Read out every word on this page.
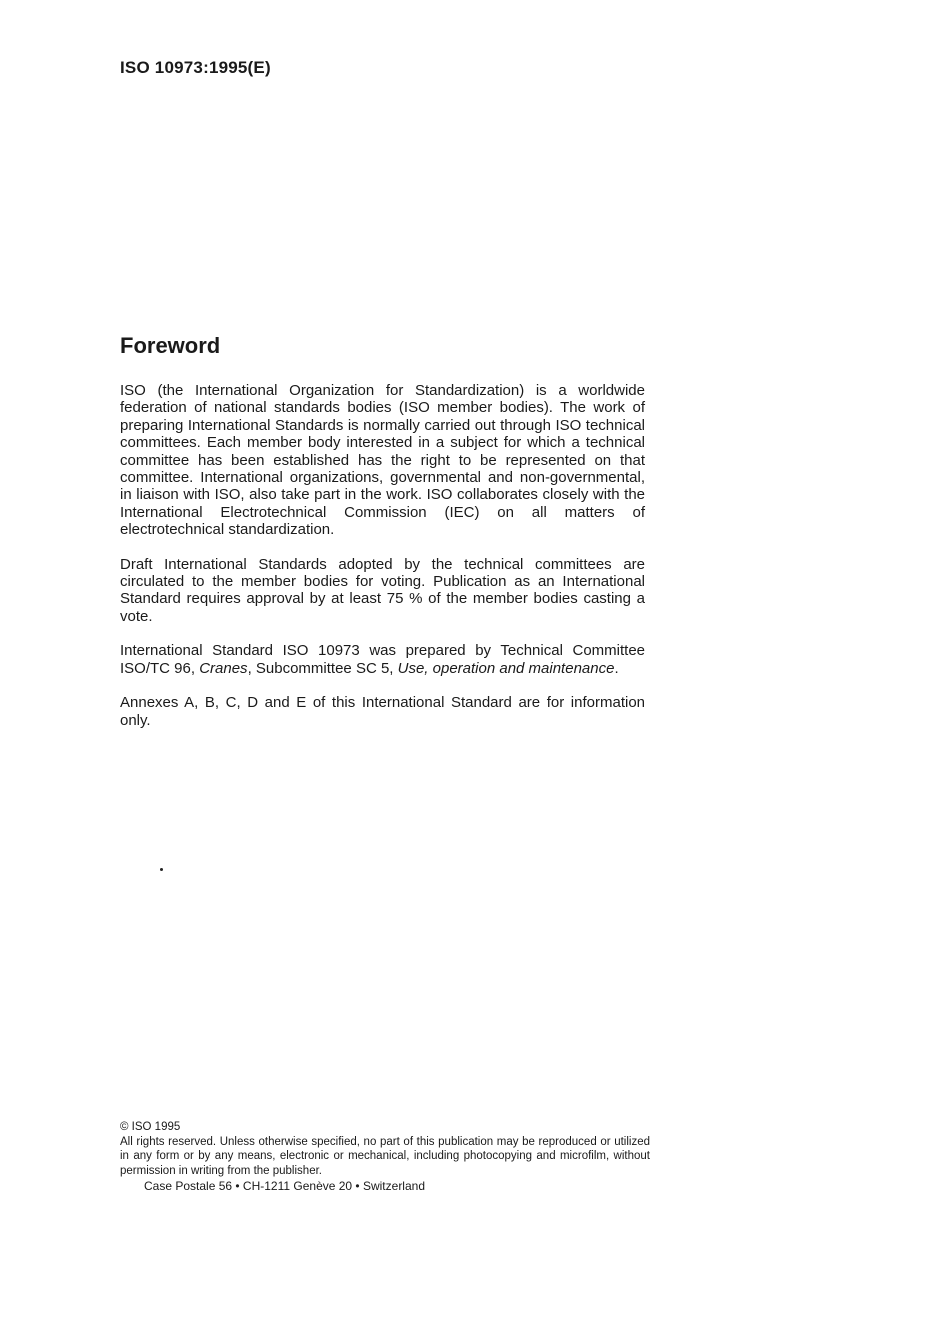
ISO 10973:1995(E)
Foreword

ISO (the International Organization for Standardization) is a worldwide federation of national standards bodies (ISO member bodies). The work of preparing International Standards is normally carried out through ISO technical committees. Each member body interested in a subject for which a technical committee has been established has the right to be represented on that committee. International organizations, governmental and non-governmental, in liaison with ISO, also take part in the work. ISO collaborates closely with the International Electrotechnical Commission (IEC) on all matters of electrotechnical standardization.

Draft International Standards adopted by the technical committees are circulated to the member bodies for voting. Publication as an International Standard requires approval by at least 75 % of the member bodies casting a vote.

International Standard ISO 10973 was prepared by Technical Committee ISO/TC 96, Cranes, Subcommittee SC 5, Use, operation and maintenance.

Annexes A, B, C, D and E of this International Standard are for information only.

© ISO 1995
All rights reserved. Unless otherwise specified, no part of this publication may be reproduced or utilized in any form or by any means, electronic or mechanical, including photocopying and microfilm, without permission in writing from the publisher.
Case Postale 56 • CH-1211 Genève 20 • Switzerland
